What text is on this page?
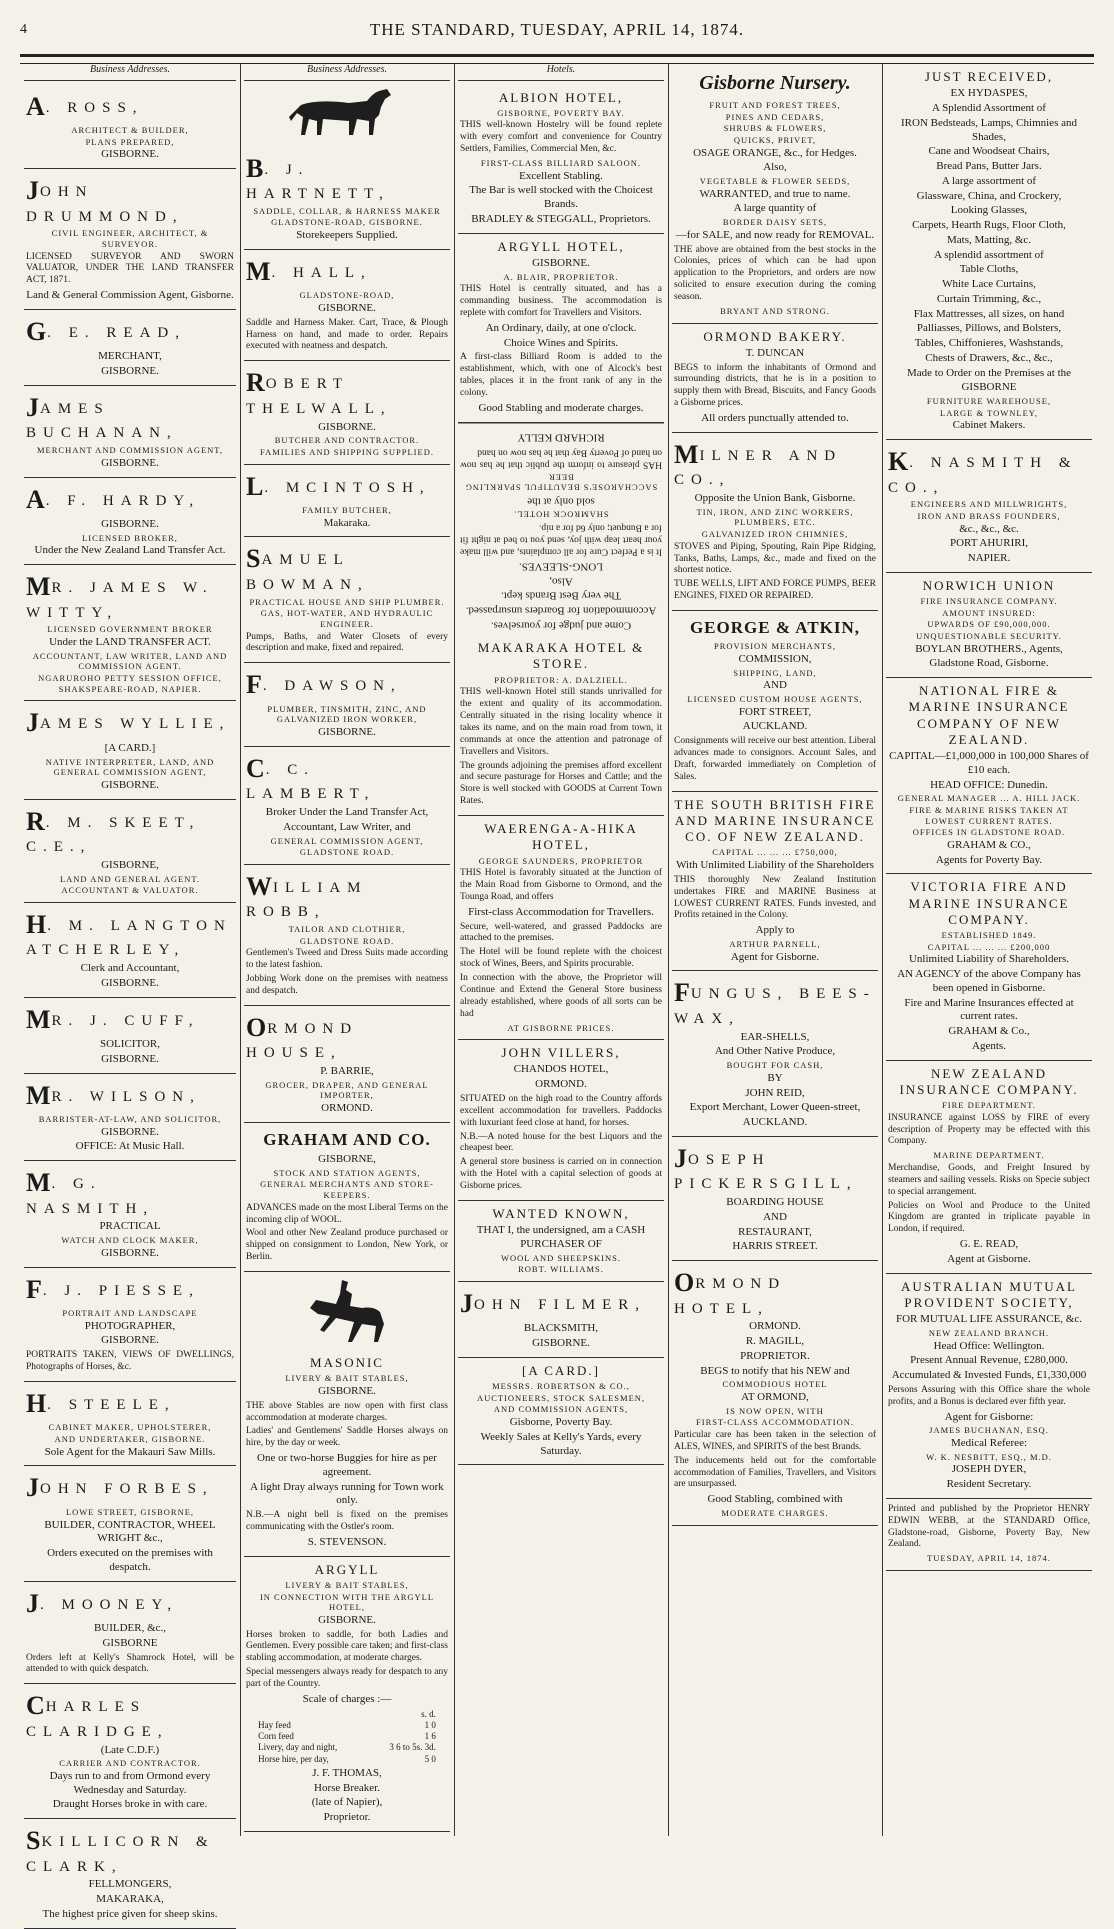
4	THE STANDARD, TUESDAY, APRIL 14, 1874.
Business Addresses.
A. ROSS,
ARCHITECT & BUILDER,
PLANS PREPARED,
GISBORNE.
JOHN DRUMMOND,
CIVIL ENGINEER, ARCHITECT, & SURVEYOR.
LICENSED SURVEYOR AND SWORN VALUATOR, UNDER THE LAND TRANSFER ACT, 1871.
Land & General Commission Agent, Gisborne.
G. E. READ,
MERCHANT,
GISBORNE.
JAMES BUCHANAN,
MERCHANT AND COMMISSION AGENT,
GISBORNE.
A. F. HARDY,
GISBORNE.
LICENSED BROKER,
Under the New Zealand Land Transfer Act.
MR. JAMES W. WITTY,
LICENSED GOVERNMENT BROKER
Under the LAND TRANSFER ACT.
ACCOUNTANT, LAW WRITER, LAND AND COMMISSION AGENT.
NGARUROHO PETTY SESSION OFFICE, SHAKSPEARE-ROAD, NAPIER.
JAMES WYLLIE,
[A CARD.]
NATIVE INTERPRETER, LAND, AND GENERAL COMMISSION AGENT,
GISBORNE.
R. M. SKEET, C.E.,
GISBORNE,
LAND AND GENERAL AGENT.
ACCOUNTANT & VALUATOR.
H. M. LANGTON ATCHERLEY,
Clerk and Accountant,
GISBORNE.
MR. J. CUFF,
SOLICITOR,
GISBORNE.
MR. WILSON,
BARRISTER-AT-LAW, AND SOLICITOR,
GISBORNE.
OFFICE: At Music Hall.
M. G. NASMITH,
PRACTICAL
WATCH AND CLOCK MAKER,
GISBORNE.
F. J. PIESSE,
PORTRAIT AND LANDSCAPE
PHOTOGRAPHER,
GISBORNE.
PORTRAITS TAKEN, VIEWS OF DWELLINGS, Photographs of Horses, &c.
H. STEELE,
CABINET MAKER, UPHOLSTERER,
AND UNDERTAKER, GISBORNE.
Sole Agent for the Makauri Saw Mills.
JOHN FORBES,
LOWE STREET, GISBORNE,
BUILDER, CONTRACTOR, WHEEL WRIGHT &c.,
Orders executed on the premises with despatch.
J. MOONEY,
BUILDER, &c.,
GISBORNE
Orders left at Kelly's Shamrock Hotel, will be attended to with quick despatch.
CHARLES CLARIDGE,
(Late C.D.F.)
CARRIER AND CONTRACTOR.
Days run to and from Ormond every Wednesday and Saturday.
Draught Horses broke in with care.
SKILLICORN & CLARK,
FELLMONGERS,
MAKARAKA,
The highest price given for sheep skins.
Business Addresses.
B. J. HARTNETT,
SADDLE, COLLAR, & HARNESS MAKER
GLADSTONE-ROAD, GISBORNE.
Storekeepers Supplied.
M. HALL,
GLADSTONE-ROAD,
GISBORNE.
Saddle and Harness Maker. Cart, Trace, & Plough Harness on hand, and made to order. Repairs executed with neatness and despatch.
ROBERT THELWALL,
GISBORNE.
BUTCHER AND CONTRACTOR.
FAMILIES AND SHIPPING SUPPLIED.
L. MCINTOSH,
FAMILY BUTCHER,
Makaraka.
SAMUEL BOWMAN,
PRACTICAL HOUSE AND SHIP PLUMBER.
GAS, HOT-WATER, AND HYDRAULIC ENGINEER.
Pumps, Baths, and Water Closets of every description and make, fixed and repaired.
F. DAWSON,
PLUMBER, TINSMITH, ZINC, AND GALVANIZED IRON WORKER,
GISBORNE.
C. C. LAMBERT,
Broker Under the Land Transfer Act,
Accountant, Law Writer, and
GENERAL COMMISSION AGENT,
GLADSTONE ROAD.
WILLIAM ROBB,
TAILOR AND CLOTHIER,
GLADSTONE ROAD.
Gentlemen's Tweed and Dress Suits made according to the latest fashion.
Jobbing Work done on the premises with neatness and despatch.
ORMOND HOUSE,
P. BARRIE,
GROCER, DRAPER, AND GENERAL IMPORTER,
ORMOND.
GRAHAM AND CO.
GISBORNE,
STOCK AND STATION AGENTS,
GENERAL MERCHANTS AND STORE-KEEPERS.
ADVANCES made on the most Liberal Terms on the incoming clip of WOOL.
Wool and other New Zealand produce purchased or shipped on consignment to London, New York, or Berlin.
MASONIC
LIVERY & BAIT STABLES,
GISBORNE.
THE above Stables are now open with first class accommodation at moderate charges.
Ladies' and Gentlemens' Saddle Horses always on hire, by the day or week.
One or two-horse Buggies for hire as per agreement.
A light Dray always running for Town work only.
N.B.—A night bell is fixed on the premises communicating with the Ostler's room.
S. STEVENSON.
ARGYLL
LIVERY & BAIT STABLES,
IN CONNECTION WITH THE ARGYLL HOTEL,
GISBORNE.
Horses broken to saddle, for both Ladies and Gentlemen. Every possible care taken; and first-class stabling accommodation, at moderate charges.
Special messengers always ready for despatch to any part of the Country.
Scale of charges :—
	s. d.
Hay feed	1 0
Corn feed	1 6
Livery, day and night,	3 6 to 5s. 3d.
Horse hire, per day,	5 0
J. F. THOMAS,
Horse Breaker.
(late of Napier),
Proprietor.
Hotels.
ALBION HOTEL,
GISBORNE, POVERTY BAY.
THIS well-known Hostelry will be found replete with every comfort and convenience for Country Settlers, Families, Commercial Men, &c.
FIRST-CLASS BILLIARD SALOON.
Excellent Stabling.
The Bar is well stocked with the Choicest Brands.
BRADLEY & STEGGALL, Proprietors.
ARGYLL HOTEL,
GISBORNE.
A. BLAIR, PROPRIETOR.
THIS Hotel is centrally situated, and has a commanding business. The accommodation is replete with comfort for Travellers and Visitors.
An Ordinary, daily, at one o'clock.
Choice Wines and Spirits.
A first-class Billiard Room is added to the establishment, which, with one of Alcock's best tables, places it in the front rank of any in the colony.
Good Stabling and moderate charges.
Come and judge for yourselves.
Accommodation for Boarders unsurpassed.
The very Best Brands kept.
Also,
LONG-SLEEVES.
It is a Perfect Cure for all complaints, and will make your heart leap with joy, send you to bed at night fit for a Bunquet; only 6d for a nip.
SHAMROCK HOTEL.
sold only at the
SACCHAROSE'S BEAUTIFUL SPARKLING BEER
HAS pleasure to inform the public that he has now on hand of Poverty Bay that he has now on hand
RICHARD KELLY
MAKARAKA HOTEL & STORE.
PROPRIETOR: A. DALZIELL.
THIS well-known Hotel still stands unrivalled for the extent and quality of its accommodation. Centrally situated in the rising locality whence it takes its name, and on the main road from town, it commands at once the attention and patronage of Travellers and Visitors.
The grounds adjoining the premises afford excellent and secure pasturage for Horses and Cattle; and the Store is well stocked with GOODS at Current Town Rates.
WAERENGA-A-HIKA HOTEL,
GEORGE SAUNDERS, PROPRIETOR
THIS Hotel is favorably situated at the Junction of the Main Road from Gisborne to Ormond, and the Tounga Road, and offers
First-class Accommodation for Travellers.
Secure, well-watered, and grassed Paddocks are attached to the premises.
The Hotel will be found replete with the choicest stock of Wines, Beers, and Spirits procurable.
In connection with the above, the Proprietor will Continue and Extend the General Store business already established, where goods of all sorts can be had
AT GISBORNE PRICES.
JOHN VILLERS,
CHANDOS HOTEL,
ORMOND.
SITUATED on the high road to the Country affords excellent accommodation for travellers. Paddocks with luxuriant feed close at hand, for horses.
N.B.—A noted house for the best Liquors and the cheapest beer.
A general store business is carried on in connection with the Hotel with a capital selection of goods at Gisborne prices.
WANTED KNOWN,
THAT I, the undersigned, am a CASH PURCHASER OF
WOOL AND SHEEPSKINS.
ROBT. WILLIAMS.
JOHN FILMER,
BLACKSMITH,
GISBORNE.
[A CARD.]
MESSRS. ROBERTSON & CO.,
AUCTIONEERS, STOCK SALESMEN,
AND COMMISSION AGENTS,
Gisborne, Poverty Bay.
Weekly Sales at Kelly's Yards, every Saturday.
Gisborne Nursery.
FRUIT AND FOREST TREES,
PINES AND CEDARS,
SHRUBS & FLOWERS,
QUICKS, PRIVET,
OSAGE ORANGE, &c., for Hedges.
Also,
VEGETABLE & FLOWER SEEDS,
WARRANTED, and true to name.
A large quantity of
BORDER DAISY SETS,
—for SALE, and now ready for REMOVAL.
THE above are obtained from the best stocks in the Colonies, prices of which can be had upon application to the Proprietors, and orders are now solicited to ensure execution during the coming season.
BRYANT AND STRONG.
ORMOND BAKERY.
T. DUNCAN
BEGS to inform the inhabitants of Ormond and surrounding districts, that he is in a position to supply them with Bread, Biscuits, and Fancy Goods a Gisborne prices.
All orders punctually attended to.
MILNER AND CO.,
Opposite the Union Bank, Gisborne.
TIN, IRON, AND ZINC WORKERS, PLUMBERS, ETC.
GALVANIZED IRON CHIMNIES,
STOVES and Piping, Spouting, Rain Pipe Ridging, Tanks, Baths, Lamps, &c., made and fixed on the shortest notice.
TUBE WELLS, LIFT AND FORCE PUMPS, BEER ENGINES, FIXED OR REPAIRED.
GEORGE & ATKIN,
PROVISION MERCHANTS,
COMMISSION,
SHIPPING, LAND,
AND
LICENSED CUSTOM HOUSE AGENTS,
FORT STREET,
AUCKLAND.
Consignments will receive our best attention. Liberal advances made to consignors. Account Sales, and Draft, forwarded immediately on Completion of Sales.
THE SOUTH BRITISH FIRE AND MARINE INSURANCE CO. OF NEW ZEALAND.
CAPITAL ... ... ... £750,000,
With Unlimited Liability of the Shareholders
THIS thoroughly New Zealand Institution undertakes FIRE and MARINE Business at LOWEST CURRENT RATES. Funds invested, and Profits retained in the Colony.
Apply to
ARTHUR PARNELL,
Agent for Gisborne.
FUNGUS, BEES-WAX,
EAR-SHELLS,
And Other Native Produce,
BOUGHT FOR CASH,
BY
JOHN REID,
Export Merchant, Lower Queen-street,
AUCKLAND.
JOSEPH PICKERSGILL,
BOARDING HOUSE
AND
RESTAURANT,
HARRIS STREET.
ORMOND HOTEL,
ORMOND.
R. MAGILL,
PROPRIETOR.
BEGS to notify that his NEW and
COMMODIOUS HOTEL
AT ORMOND,
IS NOW OPEN, WITH
FIRST-CLASS ACCOMMODATION.
Particular care has been taken in the selection of ALES, WINES, and SPIRITS of the best Brands.
The inducements held out for the comfortable accommodation of Families, Travellers, and Visitors are unsurpassed.
Good Stabling, combined with
MODERATE CHARGES.
JUST RECEIVED,
EX HYDASPES,
A Splendid Assortment of
IRON Bedsteads, Lamps, Chimnies and Shades,
Cane and Woodseat Chairs,
Bread Pans, Butter Jars.
A large assortment of
Glassware, China, and Crockery,
Looking Glasses,
Carpets, Hearth Rugs, Floor Cloth,
Mats, Matting, &c.
A splendid assortment of
Table Cloths,
White Lace Curtains,
Curtain Trimming, &c.,
Flax Mattresses, all sizes, on hand
Palliasses, Pillows, and Bolsters,
Tables, Chiffonieres, Washstands,
Chests of Drawers, &c., &c.,
Made to Order on the Premises at the
GISBORNE
FURNITURE WAREHOUSE,
LARGE & TOWNLEY,
Cabinet Makers.
K. NASMITH & CO.,
ENGINEERS AND MILLWRIGHTS,
IRON AND BRASS FOUNDERS,
&c., &c., &c.
PORT AHURIRI,
NAPIER.
NORWICH UNION
FIRE INSURANCE COMPANY.
AMOUNT INSURED:
UPWARDS OF £90,000,000.
UNQUESTIONABLE SECURITY.
BOYLAN BROTHERS., Agents,
Gladstone Road, Gisborne.
NATIONAL FIRE & MARINE INSURANCE COMPANY OF NEW ZEALAND.
CAPITAL—£1,000,000 in 100,000 Shares of £10 each.
HEAD OFFICE: Dunedin.
GENERAL MANAGER ... A. HILL JACK.
FIRE & MARINE RISKS TAKEN AT LOWEST CURRENT RATES.
OFFICES IN GLADSTONE ROAD.
GRAHAM & CO.,
Agents for Poverty Bay.
VICTORIA FIRE AND MARINE INSURANCE COMPANY.
ESTABLISHED 1849.
CAPITAL ... ... ... £200,000
Unlimited Liability of Shareholders.
AN AGENCY of the above Company has been opened in Gisborne.
Fire and Marine Insurances effected at current rates.
GRAHAM & Co.,
Agents.
NEW ZEALAND INSURANCE COMPANY.
FIRE DEPARTMENT.
INSURANCE against LOSS by FIRE of every description of Property may be effected with this Company.
MARINE DEPARTMENT.
Merchandise, Goods, and Freight Insured by steamers and sailing vessels. Risks on Specie subject to special arrangement.
Policies on Wool and Produce to the United Kingdom are granted in triplicate payable in London, if required.
G. E. READ,
Agent at Gisborne.
AUSTRALIAN MUTUAL PROVIDENT SOCIETY,
FOR MUTUAL LIFE ASSURANCE, &c.
NEW ZEALAND BRANCH.
Head Office: Wellington.
Present Annual Revenue, £280,000.
Accumulated & Invested Funds, £1,330,000
Persons Assuring with this Office share the whole profits, and a Bonus is declared ever fifth year.
Agent for Gisborne:
JAMES BUCHANAN, ESQ.
Medical Referee:
W. K. NESBITT, ESQ., M.D.
JOSEPH DYER,
Resident Secretary.
Printed and published by the Proprietor HENRY EDWIN WEBB, at the STANDARD Office, Gladstone-road, Gisborne, Poverty Bay, New Zealand.
TUESDAY, APRIL 14, 1874.
